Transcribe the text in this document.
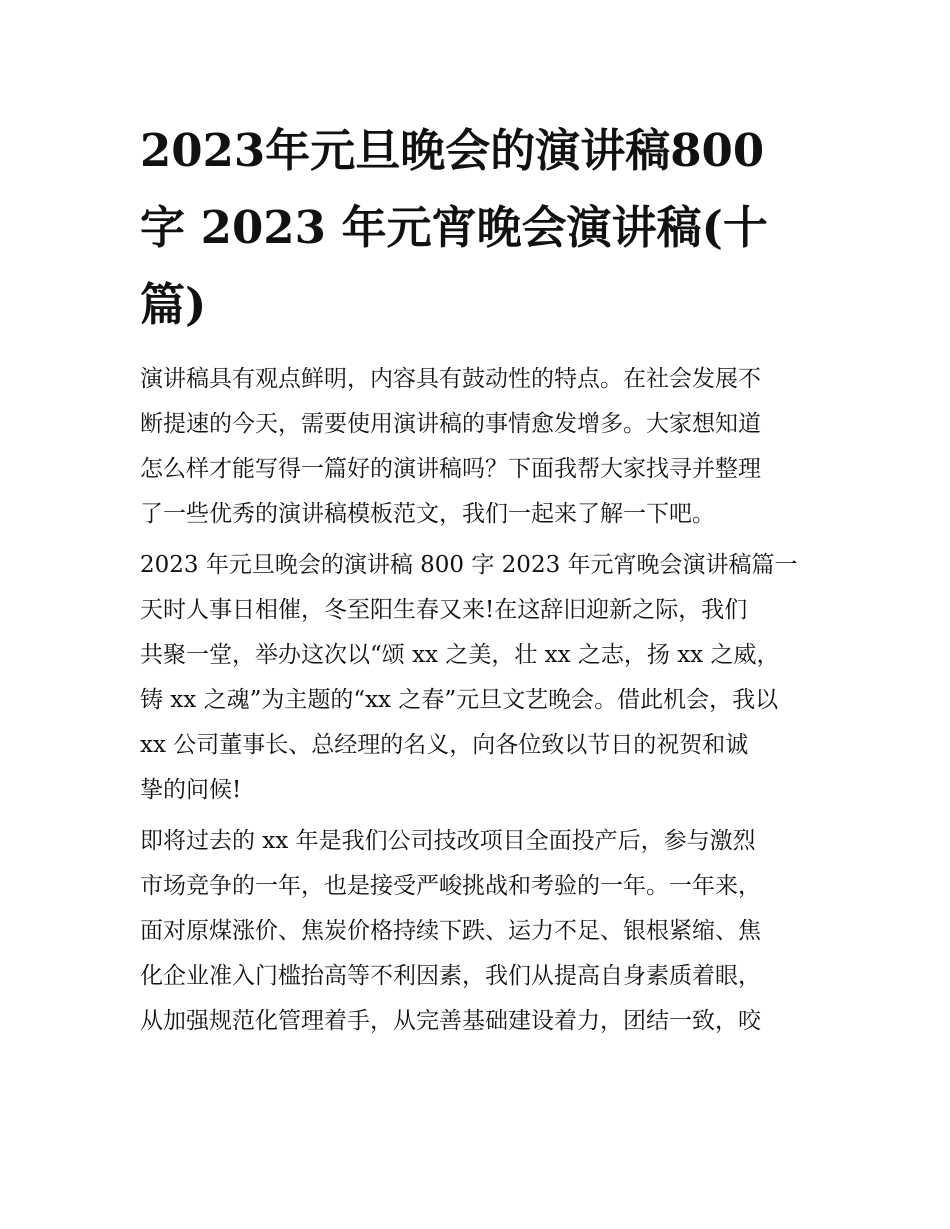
2023年元旦晚会的演讲稿800
字 2023 年元宵晚会演讲稿(十
篇)
演讲稿具有观点鲜明，内容具有鼓动性的特点。在社会发展不
断提速的今天，需要使用演讲稿的事情愈发增多。大家想知道
怎么样才能写得一篇好的演讲稿吗？下面我帮大家找寻并整理
了一些优秀的演讲稿模板范文，我们一起来了解一下吧。
2023 年元旦晚会的演讲稿 800 字 2023 年元宵晚会演讲稿篇一
天时人事日相催，冬至阳生春又来!在这辞旧迎新之际，我们
共聚一堂，举办这次以“颂 xx 之美，壮 xx 之志，扬 xx 之威，
铸 xx 之魂”为主题的“xx 之春”元旦文艺晚会。借此机会，我以
xx 公司董事长、总经理的名义，向各位致以节日的祝贺和诚
挚的问候!
即将过去的 xx 年是我们公司技改项目全面投产后，参与激烈
市场竞争的一年，也是接受严峻挑战和考验的一年。一年来，
面对原煤涨价、焦炭价格持续下跌、运力不足、银根紧缩、焦
化企业准入门槛抬高等不利因素，我们从提高自身素质着眼，
从加强规范化管理着手，从完善基础建设着力，团结一致，咬
